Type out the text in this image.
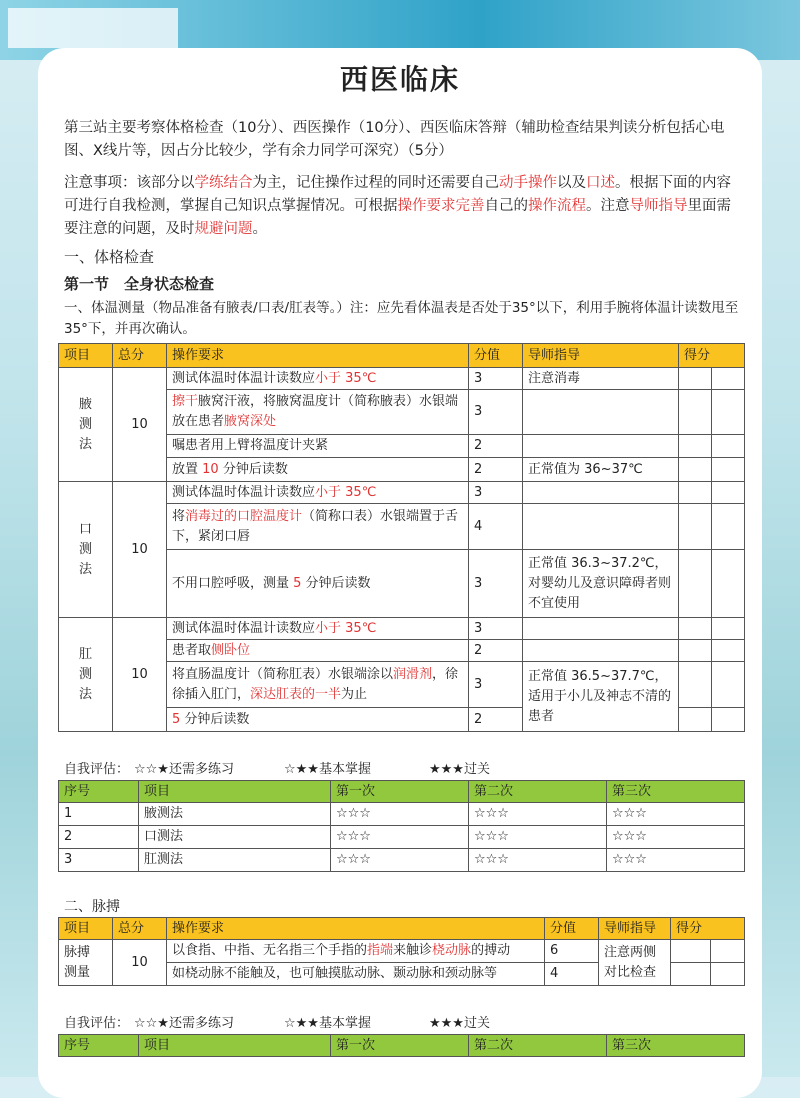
西医临床
第三站主要考察体格检查（10分）、西医操作（10分）、西医临床答辩（辅助检查结果判读分析包括心电图、X线片等，因占分比较少，学有余力同学可深究）（5分）
注意事项：该部分以学练结合为主，记住操作过程的同时还需要自己动手操作以及口述。根据下面的内容可进行自我检测，掌握自己知识点掌握情况。可根据操作要求完善自己的操作流程。注意导师指导里面需要注意的问题，及时规避问题。
一、体格检查
第一节　全身状态检查
一、体温测量（物品准备有腋表/口表/肛表等。）注：应先看体温表是否处于35°以下，利用手腕将体温计读数甩至35°下，并再次确认。
项目	总分	操作要求	分值	导师指导	得分	
腋
测
法	10	测试体温时体温计读数应小于 35℃	3	注意消毒		
		擦干腋窝汗液，将腋窝温度计（简称腋表）水银端放在患者腋窝深处	3			
		嘱患者用上臂将温度计夹紧	2			
		放置 10 分钟后读数	2	正常值为 36~37℃		
口
测
法	10	测试体温时体温计读数应小于 35℃	3			
		将消毒过的口腔温度计（简称口表）水银端置于舌下，紧闭口唇	4			
		不用口腔呼吸，测量 5 分钟后读数	3	正常值 36.3~37.2℃，对婴幼儿及意识障碍者则不宜使用		
肛
测
法	10	测试体温时体温计读数应小于 35℃	3			
		患者取侧卧位	2			
		将直肠温度计（简称肛表）水银端涂以润滑剂，徐徐插入肛门，深达肛表的一半为止	3	正常值 36.5~37.7℃，适用于小儿及神志不清的患者		
		5 分钟后读数	2			
自我评估： ☆☆★还需多练习	☆★★基本掌握	★★★过关
序号	项目	第一次	第二次	第三次
1	腋测法	☆☆☆	☆☆☆	☆☆☆
2	口测法	☆☆☆	☆☆☆	☆☆☆
3	肛测法	☆☆☆	☆☆☆	☆☆☆
二、脉搏
项目	总分	操作要求	分值	导师指导	得分	
脉搏
测量	10	以食指、中指、无名指三个手指的指端来触诊桡动脉的搏动	6	注意两侧
对比检查		
		如桡动脉不能触及，也可触摸肱动脉、颞动脉和颈动脉等	4			
自我评估： ☆☆★还需多练习	☆★★基本掌握	★★★过关
序号	项目	第一次	第二次	第三次
